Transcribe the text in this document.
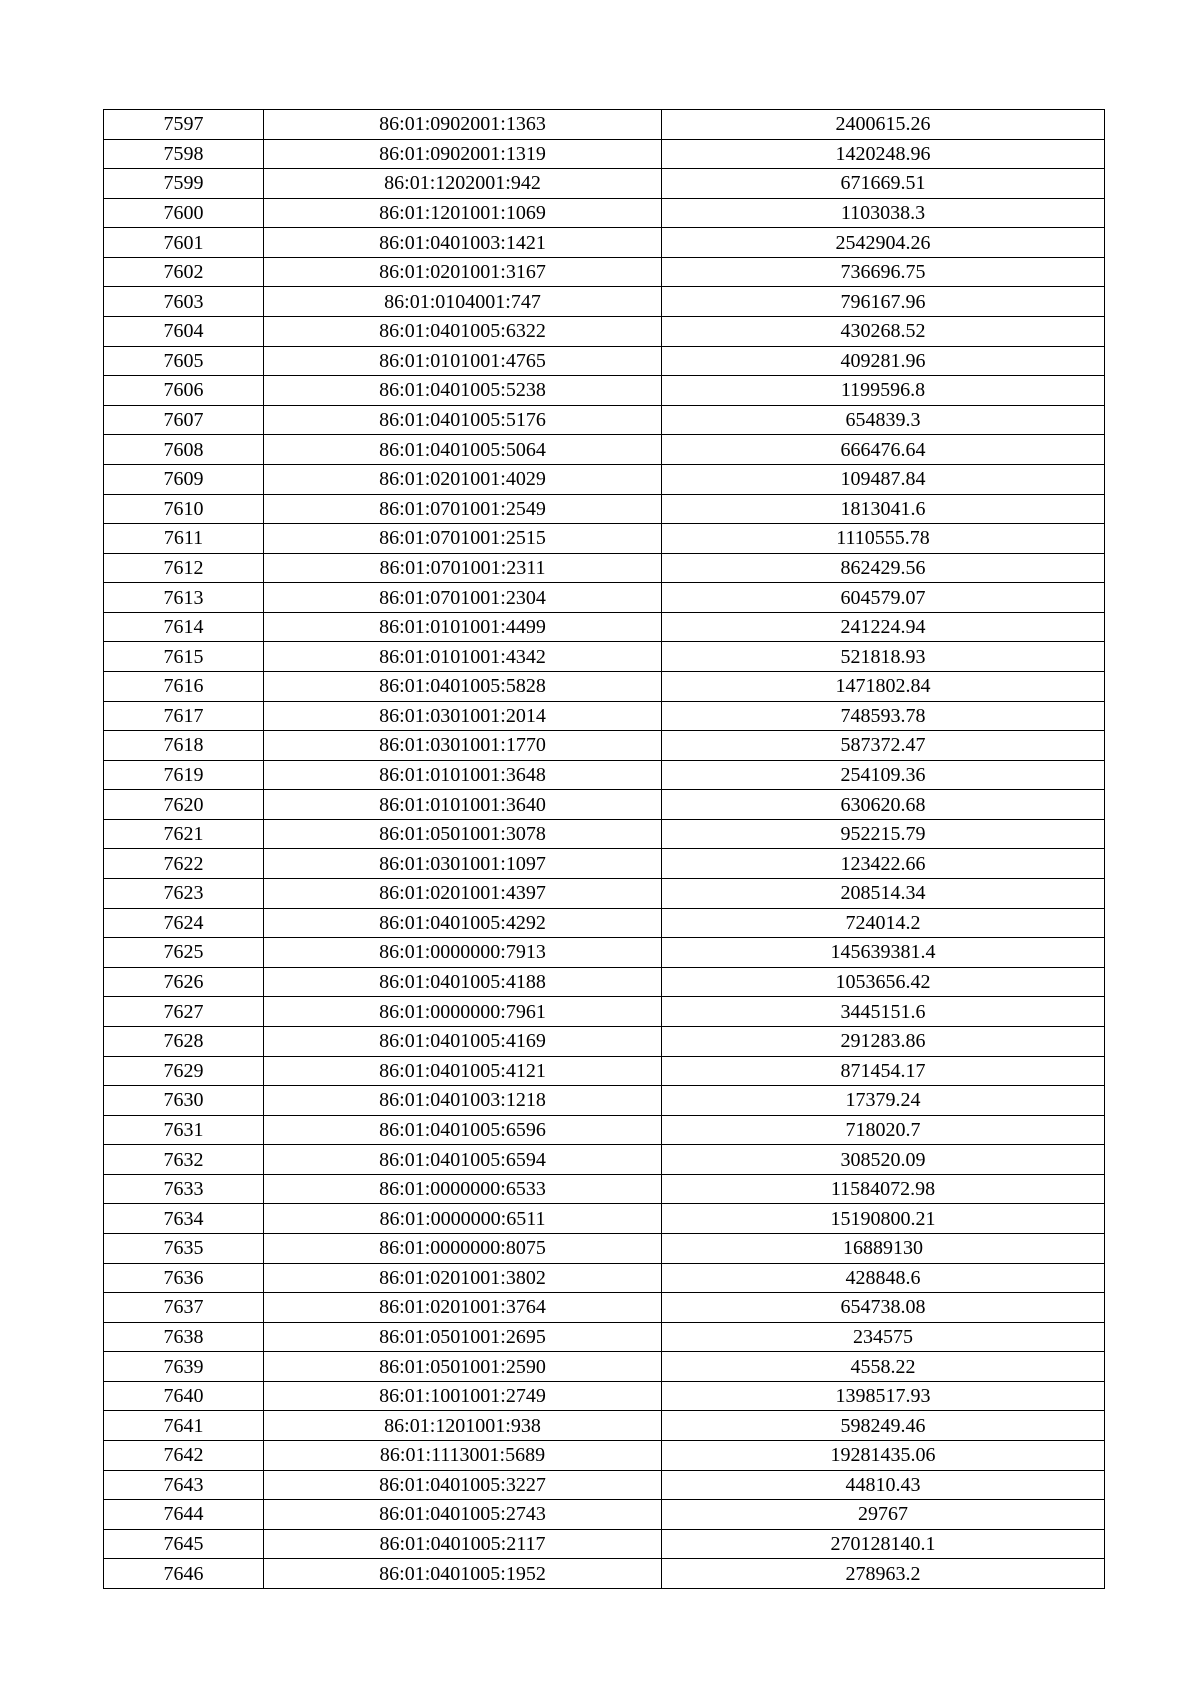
7597	86:01:0902001:1363	2400615.26
7598	86:01:0902001:1319	1420248.96
7599	86:01:1202001:942	671669.51
7600	86:01:1201001:1069	1103038.3
7601	86:01:0401003:1421	2542904.26
7602	86:01:0201001:3167	736696.75
7603	86:01:0104001:747	796167.96
7604	86:01:0401005:6322	430268.52
7605	86:01:0101001:4765	409281.96
7606	86:01:0401005:5238	1199596.8
7607	86:01:0401005:5176	654839.3
7608	86:01:0401005:5064	666476.64
7609	86:01:0201001:4029	109487.84
7610	86:01:0701001:2549	1813041.6
7611	86:01:0701001:2515	1110555.78
7612	86:01:0701001:2311	862429.56
7613	86:01:0701001:2304	604579.07
7614	86:01:0101001:4499	241224.94
7615	86:01:0101001:4342	521818.93
7616	86:01:0401005:5828	1471802.84
7617	86:01:0301001:2014	748593.78
7618	86:01:0301001:1770	587372.47
7619	86:01:0101001:3648	254109.36
7620	86:01:0101001:3640	630620.68
7621	86:01:0501001:3078	952215.79
7622	86:01:0301001:1097	123422.66
7623	86:01:0201001:4397	208514.34
7624	86:01:0401005:4292	724014.2
7625	86:01:0000000:7913	145639381.4
7626	86:01:0401005:4188	1053656.42
7627	86:01:0000000:7961	3445151.6
7628	86:01:0401005:4169	291283.86
7629	86:01:0401005:4121	871454.17
7630	86:01:0401003:1218	17379.24
7631	86:01:0401005:6596	718020.7
7632	86:01:0401005:6594	308520.09
7633	86:01:0000000:6533	11584072.98
7634	86:01:0000000:6511	15190800.21
7635	86:01:0000000:8075	16889130
7636	86:01:0201001:3802	428848.6
7637	86:01:0201001:3764	654738.08
7638	86:01:0501001:2695	234575
7639	86:01:0501001:2590	4558.22
7640	86:01:1001001:2749	1398517.93
7641	86:01:1201001:938	598249.46
7642	86:01:1113001:5689	19281435.06
7643	86:01:0401005:3227	44810.43
7644	86:01:0401005:2743	29767
7645	86:01:0401005:2117	270128140.1
7646	86:01:0401005:1952	278963.2
